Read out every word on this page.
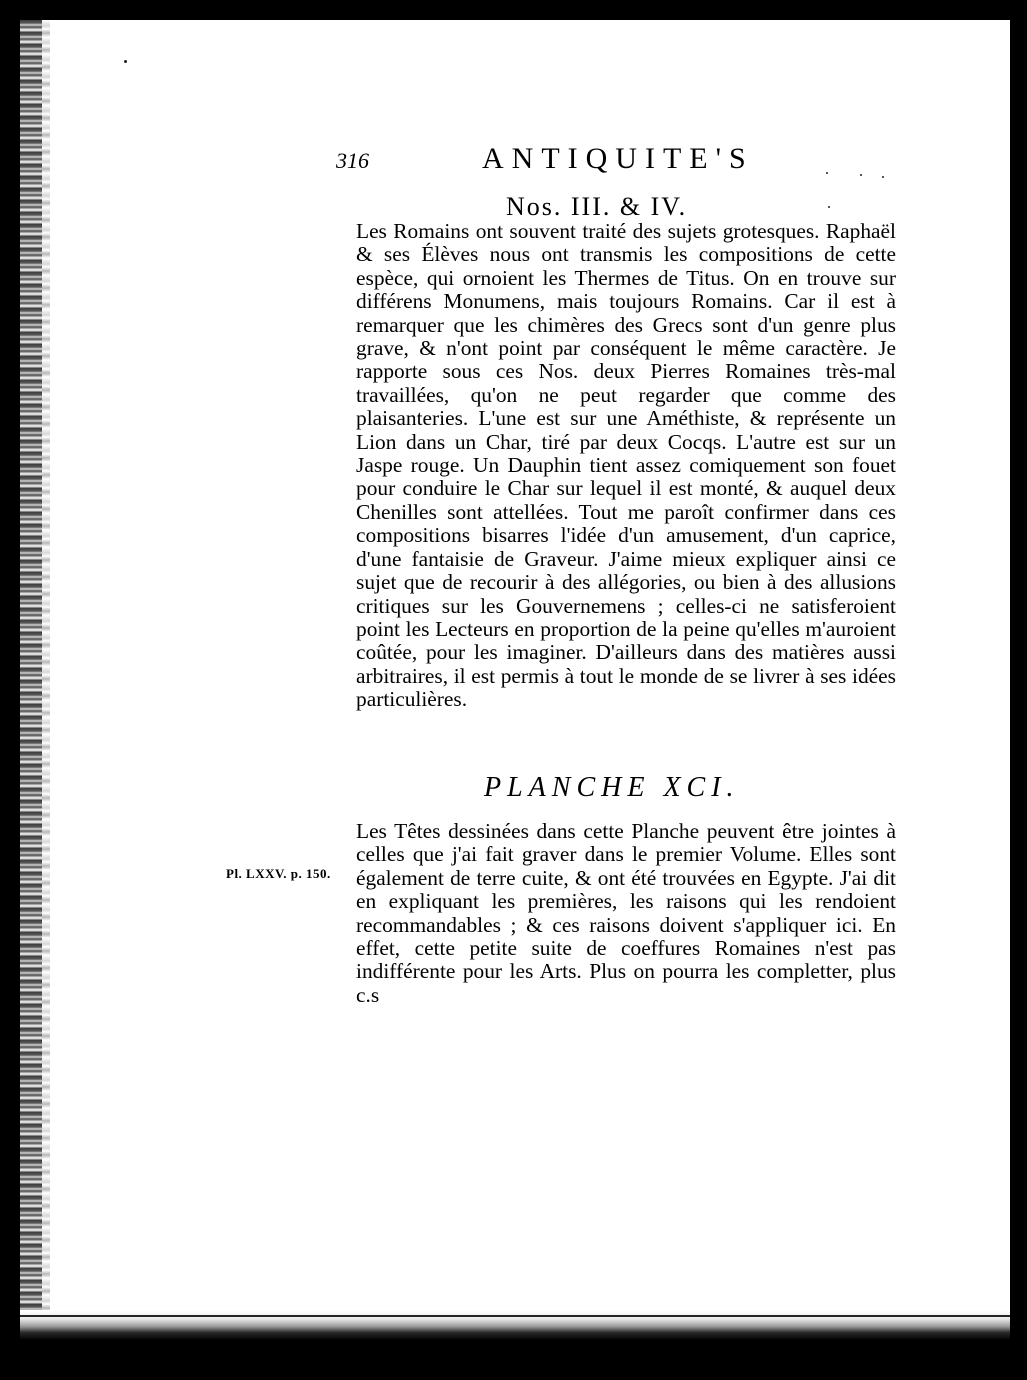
316	ANTIQUITE'S
Nos. III. & IV.

Les Romains ont souvent traité des sujets grotesques. Raphaël & ses Élèves nous ont transmis les compositions de cette espèce, qui ornoient les Thermes de Titus. On en trouve sur différens Monumens, mais toujours Romains. Car il est à remarquer que les chimères des Grecs sont d'un genre plus grave, & n'ont point par conséquent le même caractère. Je rapporte sous ces Nos. deux Pierres Romaines très-mal travaillées, qu'on ne peut regarder que comme des plaisanteries. L'une est sur une Améthiste, & représente un Lion dans un Char, tiré par deux Cocqs. L'autre est sur un Jaspe rouge. Un Dauphin tient assez comiquement son fouet pour conduire le Char sur lequel il est monté, & auquel deux Chenilles sont attellées. Tout me paroît confirmer dans ces compositions bisarres l'idée d'un amusement, d'un caprice, d'une fantaisie de Graveur. J'aime mieux expliquer ainsi ce sujet que de recourir à des allégories, ou bien à des allusions critiques sur les Gouvernemens ; celles-ci ne satisferoient point les Lecteurs en proportion de la peine qu'elles m'auroient coûtée, pour les imaginer. D'ailleurs dans des matières aussi arbitraires, il est permis à tout le monde de se livrer à ses idées particulières.

PLANCHE XCI.
Pl. LXXV. p. 150.

Les Têtes dessinées dans cette Planche peuvent être jointes à celles que j'ai fait graver dans le premier Volume. Elles sont également de terre cuite, & ont été trouvées en Egypte. J'ai dit en expliquant les premières, les raisons qui les rendoient recommandables ; & ces raisons doivent s'appliquer ici. En effet, cette petite suite de coeffures Romaines n'est pas indifférente pour les Arts. Plus on pourra les completter, plus c.s
